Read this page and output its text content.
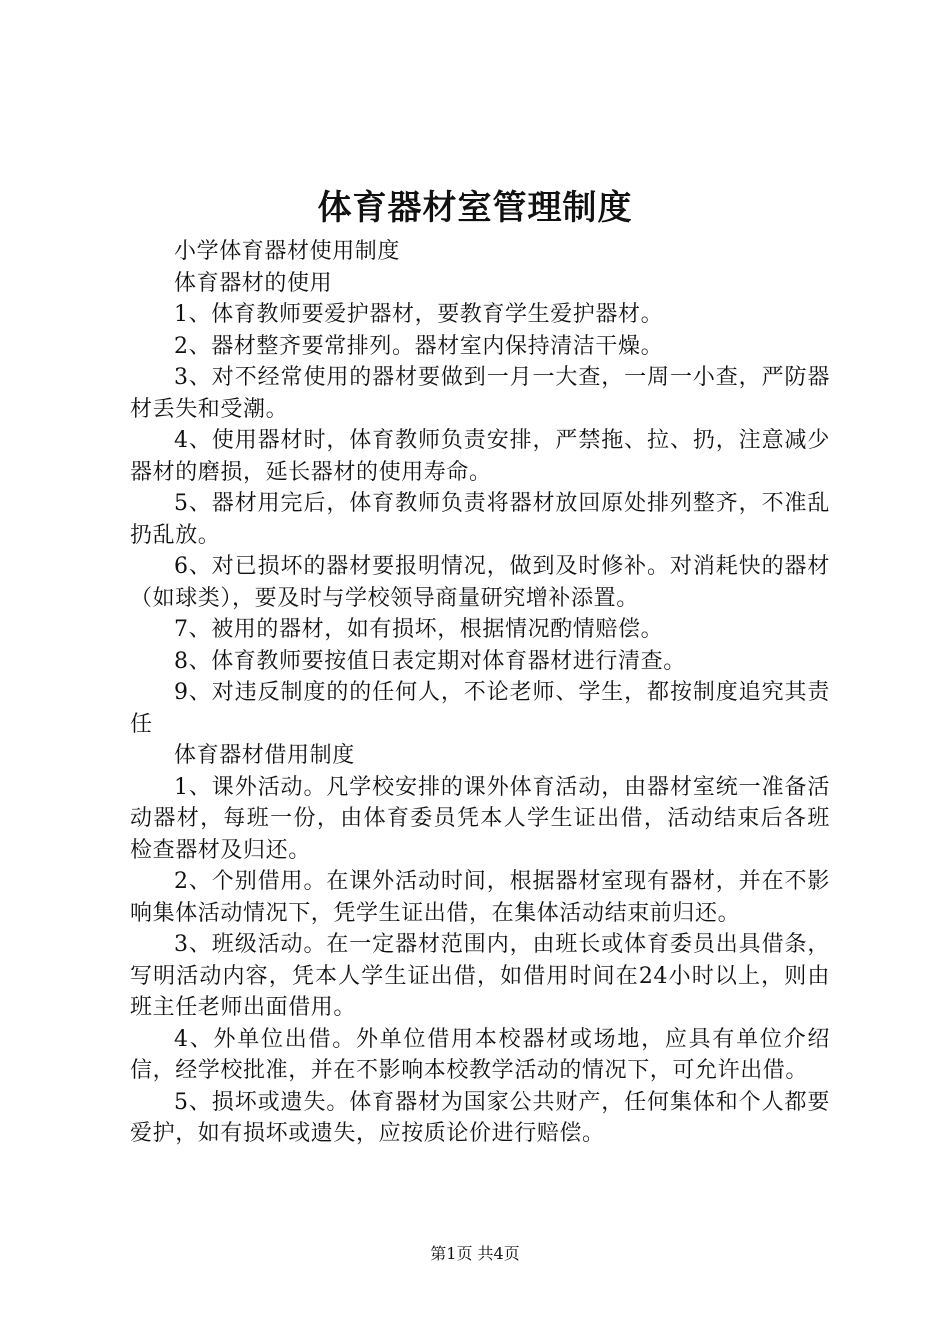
体育器材室管理制度

小学体育器材使用制度

体育器材的使用

1、体育教师要爱护器材，要教育学生爱护器材。

2、器材整齐要常排列。器材室内保持清洁干燥。

3、对不经常使用的器材要做到一月一大查，一周一小查，严防器材丢失和受潮。

4、使用器材时，体育教师负责安排，严禁拖、拉、扔，注意减少器材的磨损，延长器材的使用寿命。

5、器材用完后，体育教师负责将器材放回原处排列整齐，不准乱扔乱放。

6、对已损坏的器材要报明情况，做到及时修补。对消耗快的器材（如球类），要及时与学校领导商量研究增补添置。

7、被用的器材，如有损坏，根据情况酌情赔偿。

8、体育教师要按值日表定期对体育器材进行清查。

9、对违反制度的的任何人，不论老师、学生，都按制度追究其责任

体育器材借用制度

1、课外活动。凡学校安排的课外体育活动，由器材室统一准备活动器材，每班一份，由体育委员凭本人学生证出借，活动结束后各班检查器材及归还。

2、个别借用。在课外活动时间，根据器材室现有器材，并在不影响集体活动情况下，凭学生证出借，在集体活动结束前归还。

3、班级活动。在一定器材范围内，由班长或体育委员出具借条，写明活动内容，凭本人学生证出借，如借用时间在24小时以上，则由班主任老师出面借用。

4、外单位出借。外单位借用本校器材或场地，应具有单位介绍信，经学校批准，并在不影响本校教学活动的情况下，可允许出借。

5、损坏或遗失。体育器材为国家公共财产，任何集体和个人都要爱护，如有损坏或遗失，应按质论价进行赔偿。

第1页 共4页
